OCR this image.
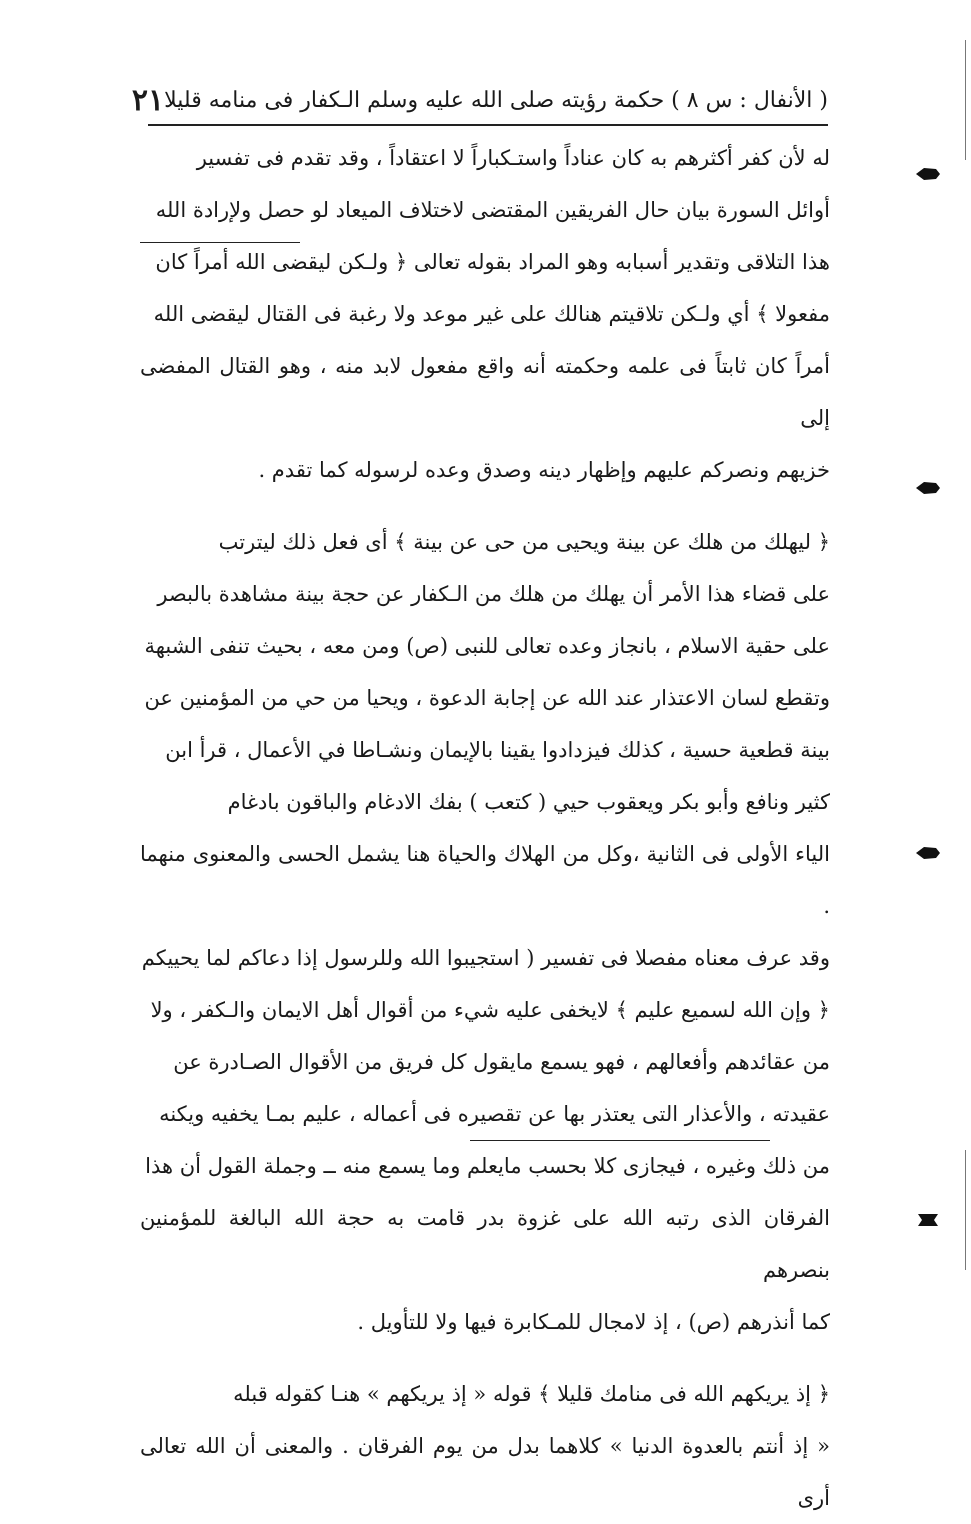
( الأنفال : س ٨ ) حكمة رؤيته صلى الله عليه وسلم الـكفار فى منامه قليلا
٢١
له لأن كفر أكثرهم به كان عناداً واستـكباراً لا اعتقاداً ، وقد تقدم فى تفسير
أوائل السورة بيان حال الفريقين المقتضى لاختلاف الميعاد لو حصل ولإرادة الله
هذا التلاقى وتقدير أسبابه وهو المراد بقوله تعالى ﴿ ولـكن ليقضى الله أمراً كان
مفعولا ﴾ أي ولـكن تلاقيتم هنالك على غير موعد ولا رغبة فى القتال ليقضى الله
أمراً كان ثابتاً فى علمه وحكمته أنه واقع مفعول لابد منه ، وهو القتال المفضى إلى
خزيهم ونصركم عليهم وإظهار دينه وصدق وعده لرسوله كما تقدم .
﴿ ليهلك من هلك عن بينة ويحيى من حى عن بينة ﴾ أى فعل ذلك ليترتب
على قضاء هذا الأمر أن يهلك من هلك من الـكفار عن حجة بينة مشاهدة بالبصر
على حقية الاسلام ، بانجاز وعده تعالى للنبى (ص) ومن معه ، بحيث تنفى الشبهة
وتقطع لسان الاعتذار عند الله عن إجابة الدعوة ، ويحيا من حي من المؤمنين عن
بينة قطعية حسية ، كذلك فيزدادوا يقينا بالإيمان ونشـاطا في الأعمال ، قرأ ابن
كثير ونافع وأبو بكر ويعقوب حيي ( كتعب ) بفك الادغام والباقون بادغام
الياء الأولى فى الثانية ،وكل من الهلاك والحياة هنا يشمل الحسى والمعنوى منهما .
وقد عرف معناه مفصلا فى تفسير ( استجيبوا الله وللرسول إذا دعاكم لما يحييكم
﴿ وإن الله لسميع عليم ﴾ لايخفى عليه شيء من أقوال أهل الايمان والـكفر ، ولا
من عقائدهم وأفعالهم ، فهو يسمع مايقول كل فريق من الأقوال الصـادرة عن
عقيدته ، والأعذار التى يعتذر بها عن تقصيره فى أعماله ، عليم بمـا يخفيه ويكنه
من ذلك وغيره ، فيجازى كلا بحسب مايعلم وما يسمع منه ــ وجملة القول أن هذا
الفرقان الذى رتبه الله على غزوة بدر قامت به حجة الله البالغة للمؤمنين بنصرهم
كما أنذرهم (ص) ، إذ لامجال للمـكابرة فيها ولا للتأويل .
﴿ إذ يريكهم الله فى منامك قليلا ﴾ قوله « إذ يريكهم » هنـا كقوله قبله
« إذ أنتم بالعدوة الدنيا » كلاهما بدل من يوم الفرقان . والمعنى أن الله تعالى أرى
